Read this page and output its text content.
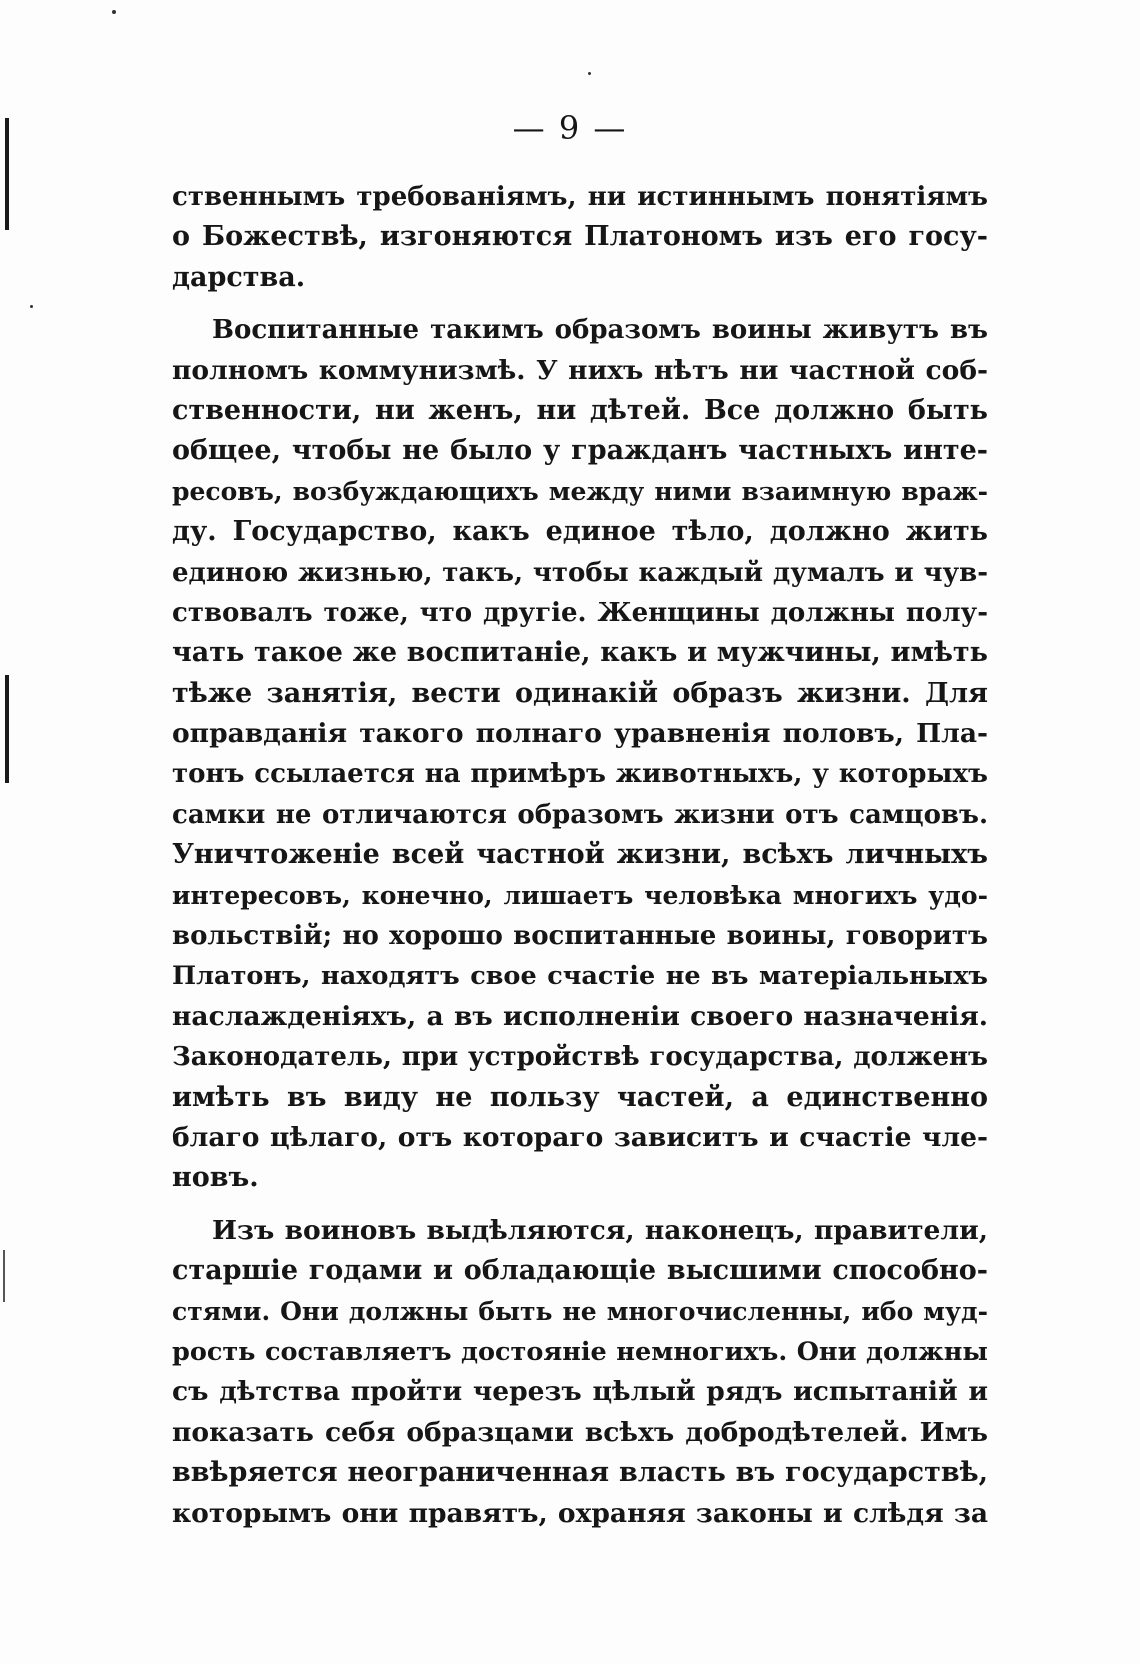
— 9 —
ственнымъ требованіямъ, ни истиннымъ понятіямъ
о Божествѣ, изгоняются Платономъ изъ его госу-
дарства.
Воспитанные такимъ образомъ воины живутъ въ
полномъ коммунизмѣ. У нихъ нѣтъ ни частной соб-
ственности, ни женъ, ни дѣтей. Все должно быть
общее, чтобы не было у гражданъ частныхъ инте-
ресовъ, возбуждающихъ между ними взаимную враж-
ду. Государство, какъ единое тѣло, должно жить
единою жизнью, такъ, чтобы каждый думалъ и чув-
ствовалъ тоже, что другіе. Женщины должны полу-
чать такое же воспитаніе, какъ и мужчины, имѣть
тѣже занятія, вести одинакій образъ жизни. Для
оправданія такого полнаго уравненія половъ, Пла-
тонъ ссылается на примѣръ животныхъ, у которыхъ
самки не отличаются образомъ жизни отъ самцовъ.
Уничтоженіе всей частной жизни, всѣхъ личныхъ
интересовъ, конечно, лишаетъ человѣка многихъ удо-
вольствій; но хорошо воспитанные воины, говоритъ
Платонъ, находятъ свое счастіе не въ матеріальныхъ
наслажденіяхъ, а въ исполненіи своего назначенія.
Законодатель, при устройствѣ государства, долженъ
имѣть въ виду не пользу частей, а единственно
благо цѣлаго, отъ котораго зависитъ и счастіе чле-
новъ.
Изъ воиновъ выдѣляются, наконецъ, правители,
старшіе годами и обладающіе высшими способно-
стями. Они должны быть не многочисленны, ибо муд-
рость составляетъ достояніе немногихъ. Они должны
съ дѣтства пройти черезъ цѣлый рядъ испытаній и
показать себя образцами всѣхъ добродѣтелей. Имъ
ввѣряется неограниченная власть въ государствѣ,
которымъ они правятъ, охраняя законы и слѣдя за
